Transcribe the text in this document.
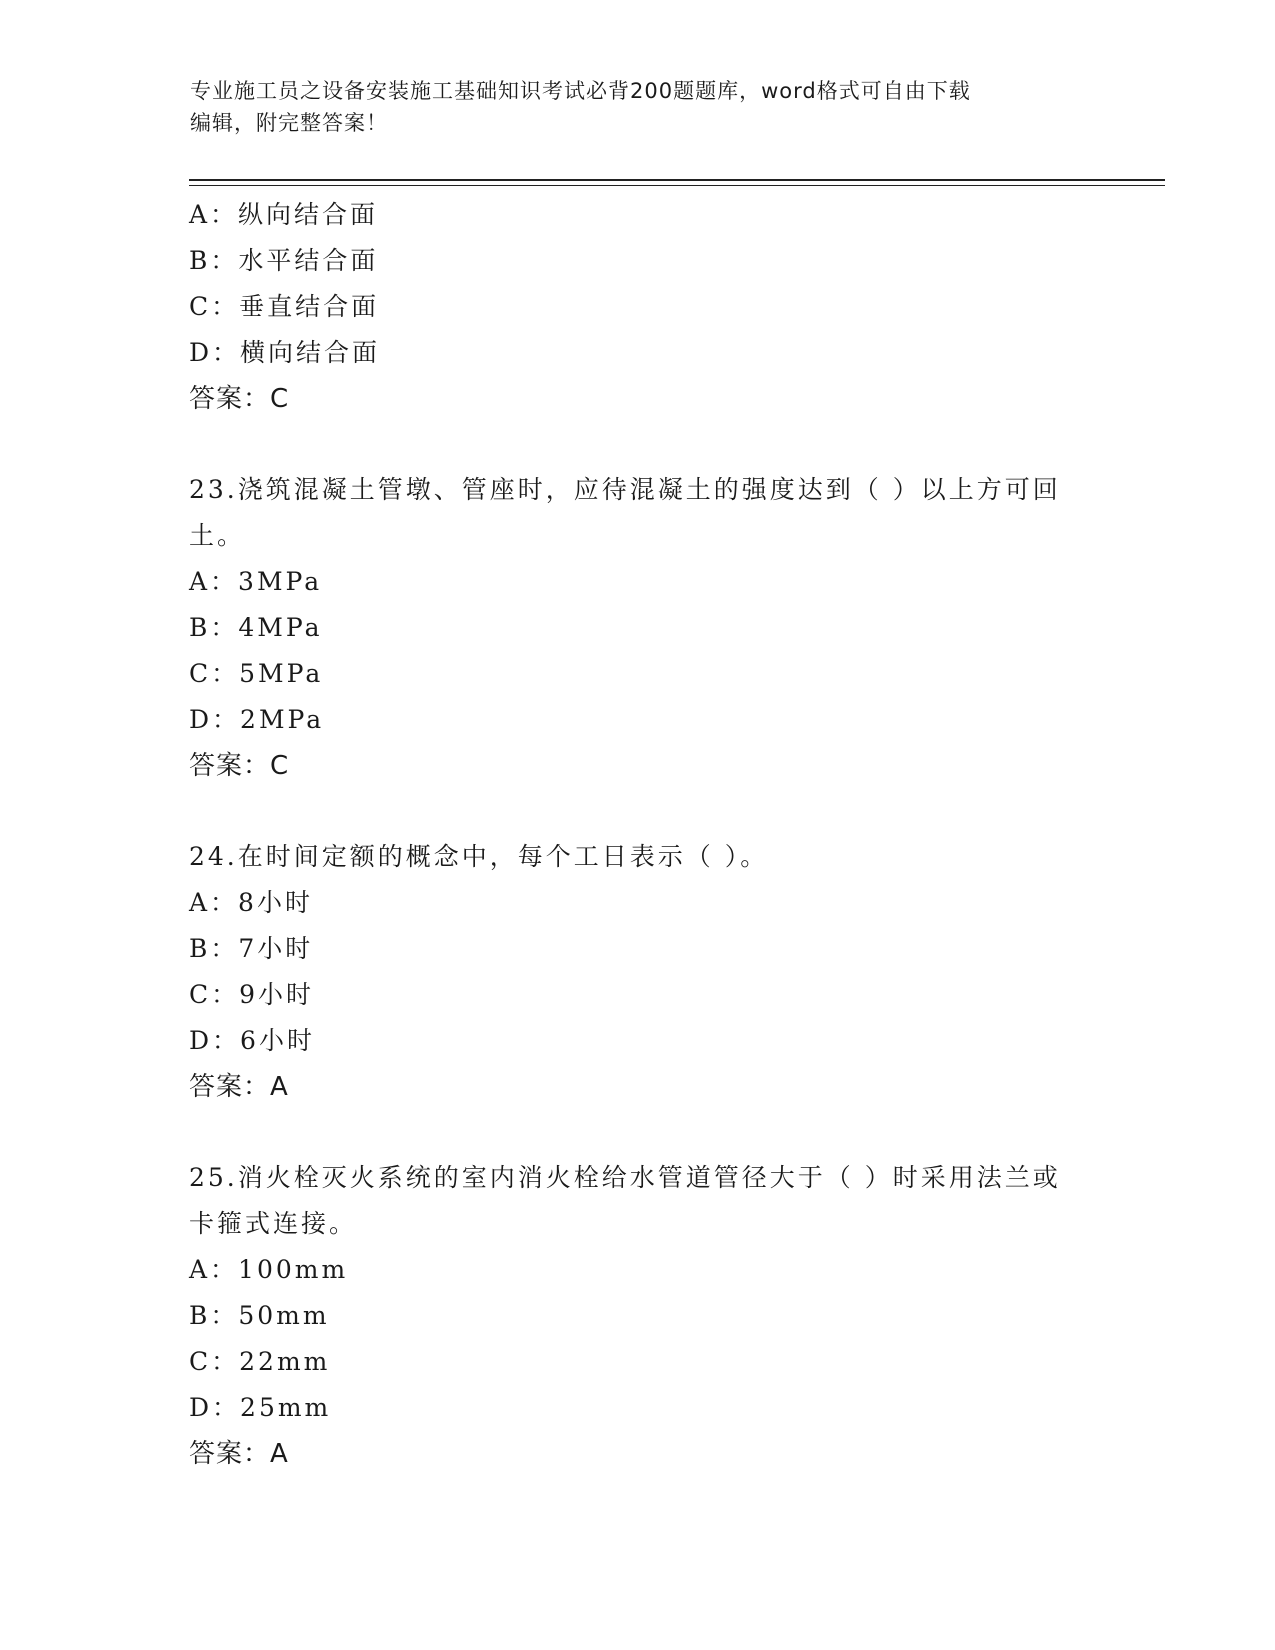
专业施工员之设备安装施工基础知识考试必背200题题库，word格式可自由下载
编辑，附完整答案！
A：纵向结合面
B：水平结合面
C：垂直结合面
D：横向结合面
答案：C
23.浇筑混凝土管墩、管座时，应待混凝土的强度达到（ ）以上方可回土。
A：3MPa
B：4MPa
C：5MPa
D：2MPa
答案：C
24.在时间定额的概念中，每个工日表示（ ）。
A：8小时
B：7小时
C：9小时
D：6小时
答案：A
25.消火栓灭火系统的室内消火栓给水管道管径大于（ ）时采用法兰或卡箍式连接。
A：100mm
B：50mm
C：22mm
D：25mm
答案：A
